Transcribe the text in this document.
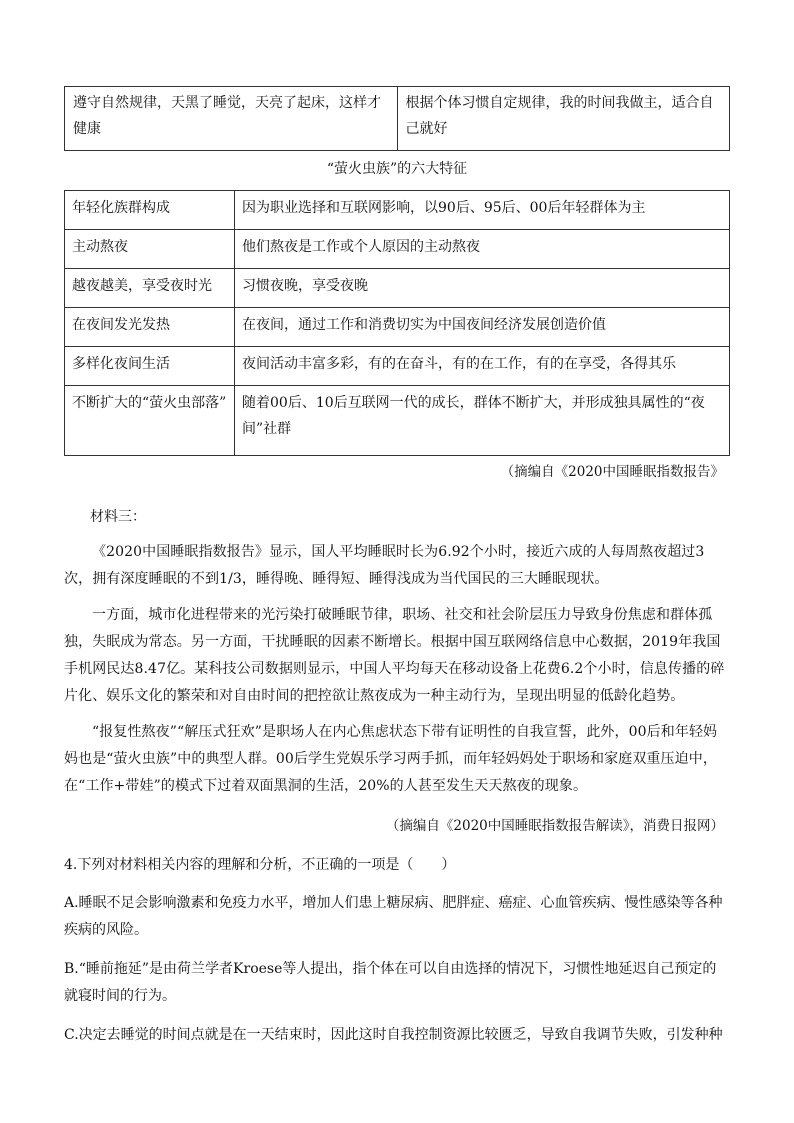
遵守自然规律，天黑了睡觉，天亮了起床，这样才健康	根据个体习惯自定规律，我的时间我做主，适合自己就好
“萤火虫族”的六大特征
年轻化族群构成	因为职业选择和互联网影响，以90后、95后、00后年轻群体为主
主动熬夜	他们熬夜是工作或个人原因的主动熬夜
越夜越美，享受夜时光	习惯夜晚，享受夜晚
在夜间发光发热	在夜间，通过工作和消费切实为中国夜间经济发展创造价值
多样化夜间生活	夜间活动丰富多彩，有的在奋斗，有的在工作，有的在享受，各得其乐
不断扩大的“萤火虫部落”	随着00后、10后互联网一代的成长，群体不断扩大，并形成独具属性的“夜间”社群
（摘编自《2020中国睡眠指数报告》
材料三：

《2020中国睡眠指数报告》显示，国人平均睡眠时长为6.92个小时，接近六成的人每周熬夜超过3次，拥有深度睡眠的不到1/3，睡得晚、睡得短、睡得浅成为当代国民的三大睡眠现状。

一方面，城市化进程带来的光污染打破睡眠节律，职场、社交和社会阶层压力导致身份焦虑和群体孤独，失眠成为常态。另一方面，干扰睡眠的因素不断增长。根据中国互联网络信息中心数据，2019年我国手机网民达8.47亿。某科技公司数据则显示，中国人平均每天在移动设备上花费6.2个小时，信息传播的碎片化、娱乐文化的繁荣和对自由时间的把控欲让熬夜成为一种主动行为，呈现出明显的低龄化趋势。

“报复性熬夜”“解压式狂欢”是职场人在内心焦虑状态下带有证明性的自我宣誓，此外，00后和年轻妈妈也是“萤火虫族”中的典型人群。00后学生党娱乐学习两手抓，而年轻妈妈处于职场和家庭双重压迫中，在“工作+带娃”的模式下过着双面黑洞的生活，20%的人甚至发生天天熬夜的现象。

（摘编自《2020中国睡眠指数报告解读》，消费日报网）
4.下列对材料相关内容的理解和分析，不正确的一项是（　　）
A.睡眠不足会影响激素和免疫力水平，增加人们患上糖尿病、肥胖症、癌症、心血管疾病、慢性感染等各种疾病的风险。
B.“睡前拖延”是由荷兰学者Kroese等人提出，指个体在可以自由选择的情况下，习惯性地延迟自己预定的就寝时间的行为。
C.决定去睡觉的时间点就是在一天结束时，因此这时自我控制资源比较匮乏，导致自我调节失败，引发种种
